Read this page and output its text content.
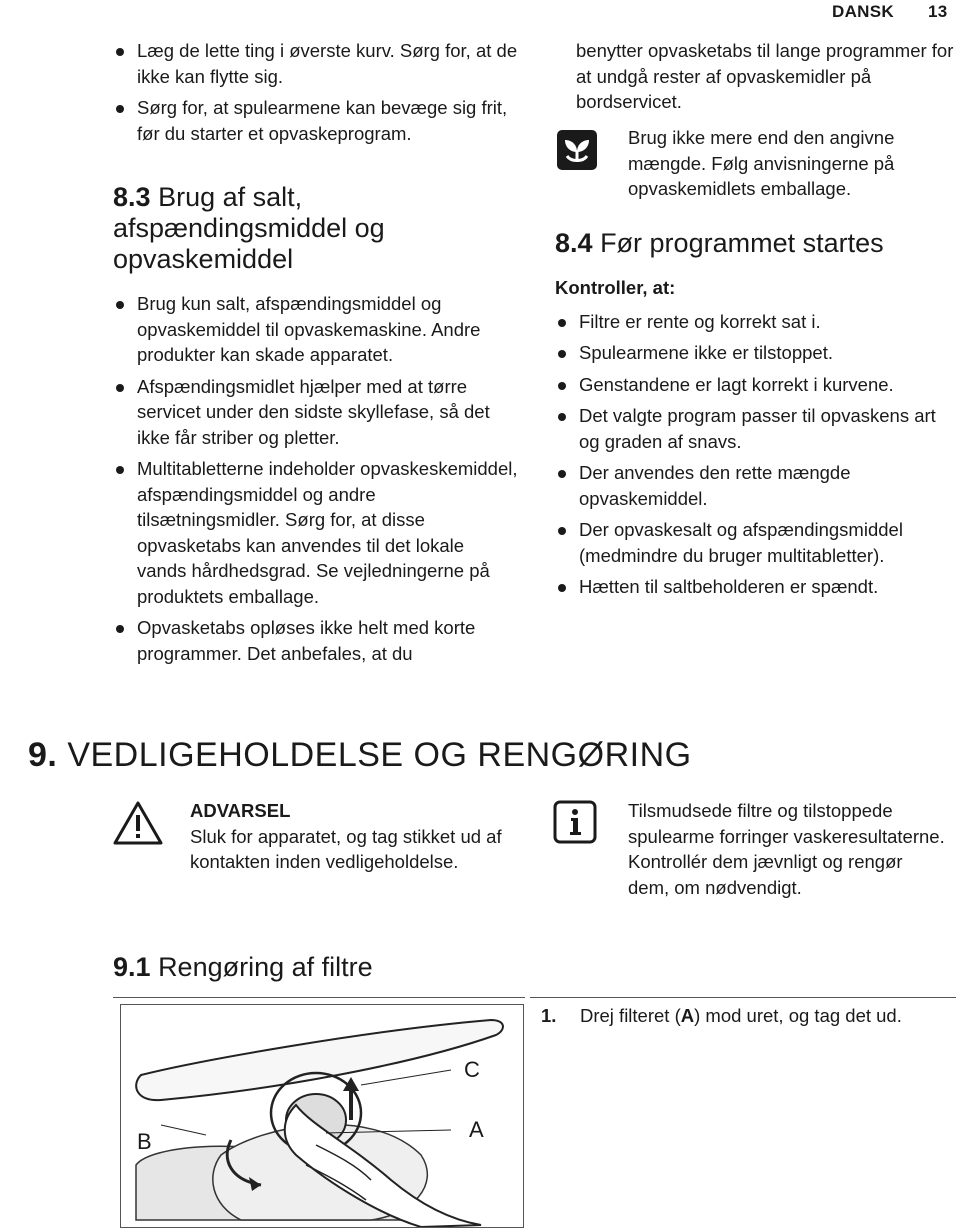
DANSK 13
Læg de lette ting i øverste kurv. Sørg for, at de ikke kan flytte sig.
Sørg for, at spulearmene kan bevæge sig frit, før du starter et opvaskeprogram.
8.3 Brug af salt, afspændingsmiddel og opvaskemiddel
Brug kun salt, afspændingsmiddel og opvaskemiddel til opvaskemaskine. Andre produkter kan skade apparatet.
Afspændingsmidlet hjælper med at tørre servicet under den sidste skyllefase, så det ikke får striber og pletter.
Multitabletterne indeholder opvaskeskemiddel, afspændingsmiddel og andre tilsætningsmidler. Sørg for, at disse opvasketabs kan anvendes til det lokale vands hårdhedsgrad. Se vejledningerne på produktets emballage.
Opvasketabs opløses ikke helt med korte programmer. Det anbefales, at du
benytter opvasketabs til lange programmer for at undgå rester af opvaskemidler på bordservicet.
Brug ikke mere end den angivne mængde. Følg anvisningerne på opvaskemidlets emballage.
8.4 Før programmet startes
Kontroller, at:
Filtre er rente og korrekt sat i.
Spulearmene ikke er tilstoppet.
Genstandene er lagt korrekt i kurvene.
Det valgte program passer til opvaskens art og graden af snavs.
Der anvendes den rette mængde opvaskemiddel.
Der opvaskesalt og afspændingsmiddel (medmindre du bruger multitabletter).
Hætten til saltbeholderen er spændt.
9. VEDLIGEHOLDELSE OG RENGØRING
ADVARSEL
Sluk for apparatet, og tag stikket ud af kontakten inden vedligeholdelse.
Tilsmudsede filtre og tilstoppede spulearme forringer vaskeresultaterne.
Kontrollér dem jævnligt og rengør dem, om nødvendigt.
9.1 Rengøring af filtre
C
A
B
1.	Drej filteret (A) mod uret, og tag det ud.
